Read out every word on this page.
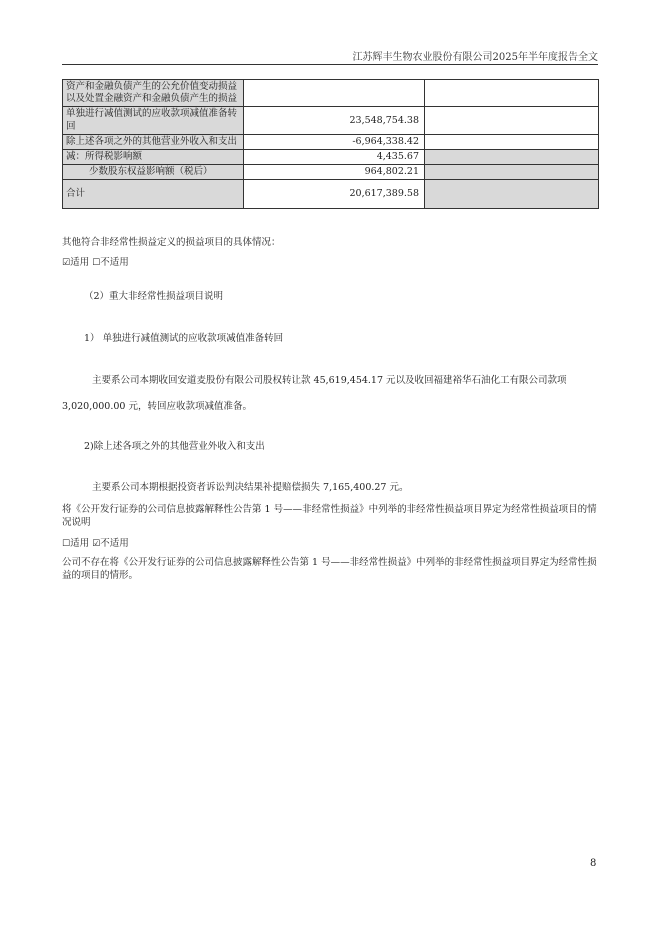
江苏辉丰生物农业股份有限公司2025年半年度报告全文
资产和金融负债产生的公允价值变动损益以及处置金融资产和金融负债产生的损益		
单独进行减值测试的应收款项减值准备转回	23,548,754.38	
除上述各项之外的其他营业外收入和支出	-6,964,338.42	
减：所得税影响额	4,435.67	
少数股东权益影响额（税后）	964,802.21	
合计	20,617,389.58	
其他符合非经常性损益定义的损益项目的具体情况：
☑适用 ☐不适用
（2）重大非经常性损益项目说明
1） 单独进行减值测试的应收款项减值准备转回
主要系公司本期收回安道麦股份有限公司股权转让款 45,619,454.17 元以及收回福建裕华石油化工有限公司款项
3,020,000.00 元，转回应收款项减值准备。
2)除上述各项之外的其他营业外收入和支出
主要系公司本期根据投资者诉讼判决结果补提赔偿损失 7,165,400.27 元。
将《公开发行证券的公司信息披露解释性公告第 1 号——非经常性损益》中列举的非经常性损益项目界定为经常性损益项目的情况说明
☐适用 ☑不适用
公司不存在将《公开发行证券的公司信息披露解释性公告第 1 号——非经常性损益》中列举的非经常性损益项目界定为经常性损益的项目的情形。
8
